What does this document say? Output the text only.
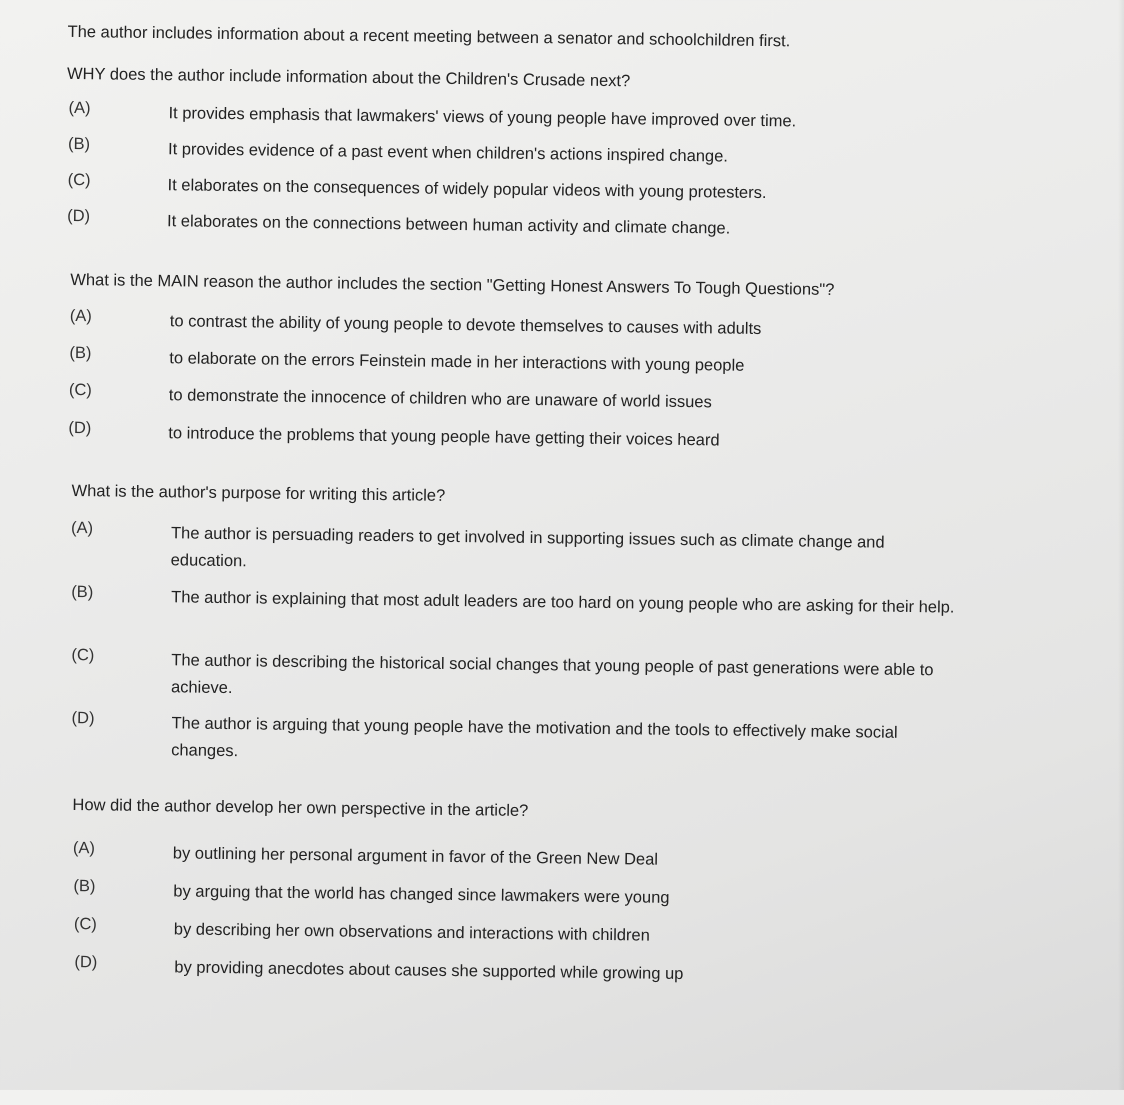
The author includes information about a recent meeting between a senator and schoolchildren first.
WHY does the author include information about the Children's Crusade next?
(A)	It provides emphasis that lawmakers' views of young people have improved over time.
(B)	It provides evidence of a past event when children's actions inspired change.
(C)	It elaborates on the consequences of widely popular videos with young protesters.
(D)	It elaborates on the connections between human activity and climate change.
What is the MAIN reason the author includes the section "Getting Honest Answers To Tough Questions"?
(A)	to contrast the ability of young people to devote themselves to causes with adults
(B)	to elaborate on the errors Feinstein made in her interactions with young people
(C)	to demonstrate the innocence of children who are unaware of world issues
(D)	to introduce the problems that young people have getting their voices heard
What is the author's purpose for writing this article?
(A)	The author is persuading readers to get involved in supporting issues such as climate change and education.
(B)	The author is explaining that most adult leaders are too hard on young people who are asking for their help.
(C)	The author is describing the historical social changes that young people of past generations were able to achieve.
(D)	The author is arguing that young people have the motivation and the tools to effectively make social changes.
How did the author develop her own perspective in the article?
(A)	by outlining her personal argument in favor of the Green New Deal
(B)	by arguing that the world has changed since lawmakers were young
(C)	by describing her own observations and interactions with children
(D)	by providing anecdotes about causes she supported while growing up
